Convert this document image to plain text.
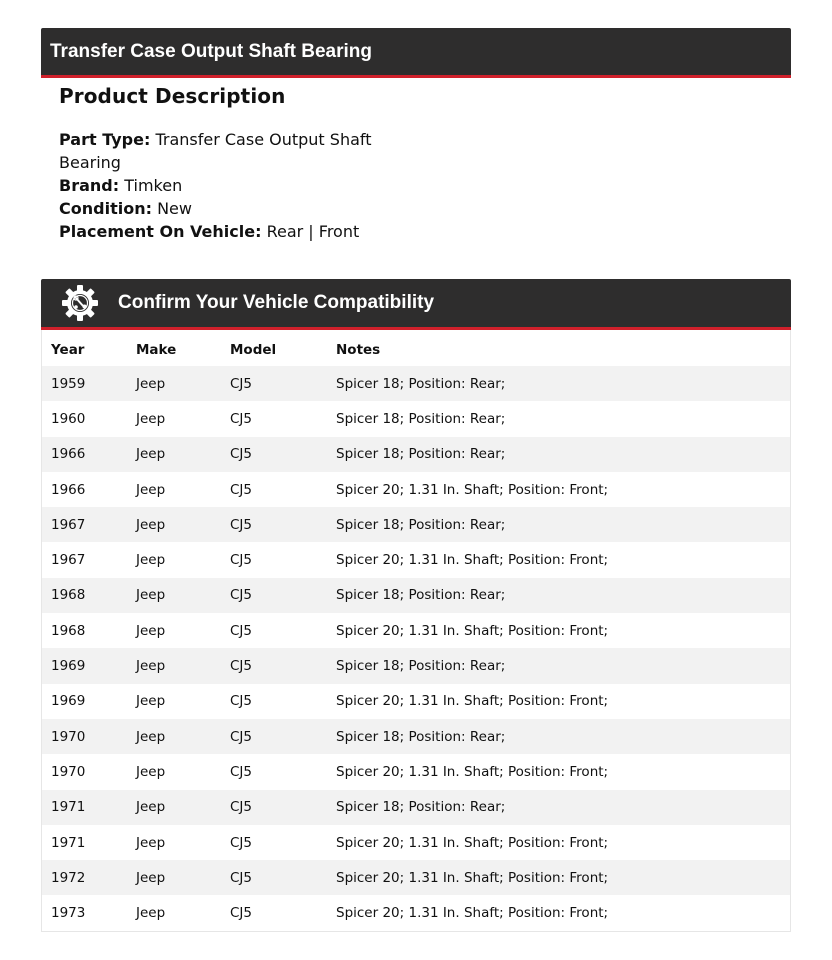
Transfer Case Output Shaft Bearing
Product Description
Part Type: Transfer Case Output Shaft Bearing
Brand: Timken
Condition: New
Placement On Vehicle: Rear | Front
Confirm Your Vehicle Compatibility
Year	Make	Model	Notes
1959	Jeep	CJ5	Spicer 18; Position: Rear;
1960	Jeep	CJ5	Spicer 18; Position: Rear;
1966	Jeep	CJ5	Spicer 18; Position: Rear;
1966	Jeep	CJ5	Spicer 20; 1.31 In. Shaft; Position: Front;
1967	Jeep	CJ5	Spicer 18; Position: Rear;
1967	Jeep	CJ5	Spicer 20; 1.31 In. Shaft; Position: Front;
1968	Jeep	CJ5	Spicer 18; Position: Rear;
1968	Jeep	CJ5	Spicer 20; 1.31 In. Shaft; Position: Front;
1969	Jeep	CJ5	Spicer 18; Position: Rear;
1969	Jeep	CJ5	Spicer 20; 1.31 In. Shaft; Position: Front;
1970	Jeep	CJ5	Spicer 18; Position: Rear;
1970	Jeep	CJ5	Spicer 20; 1.31 In. Shaft; Position: Front;
1971	Jeep	CJ5	Spicer 18; Position: Rear;
1971	Jeep	CJ5	Spicer 20; 1.31 In. Shaft; Position: Front;
1972	Jeep	CJ5	Spicer 20; 1.31 In. Shaft; Position: Front;
1973	Jeep	CJ5	Spicer 20; 1.31 In. Shaft; Position: Front;
